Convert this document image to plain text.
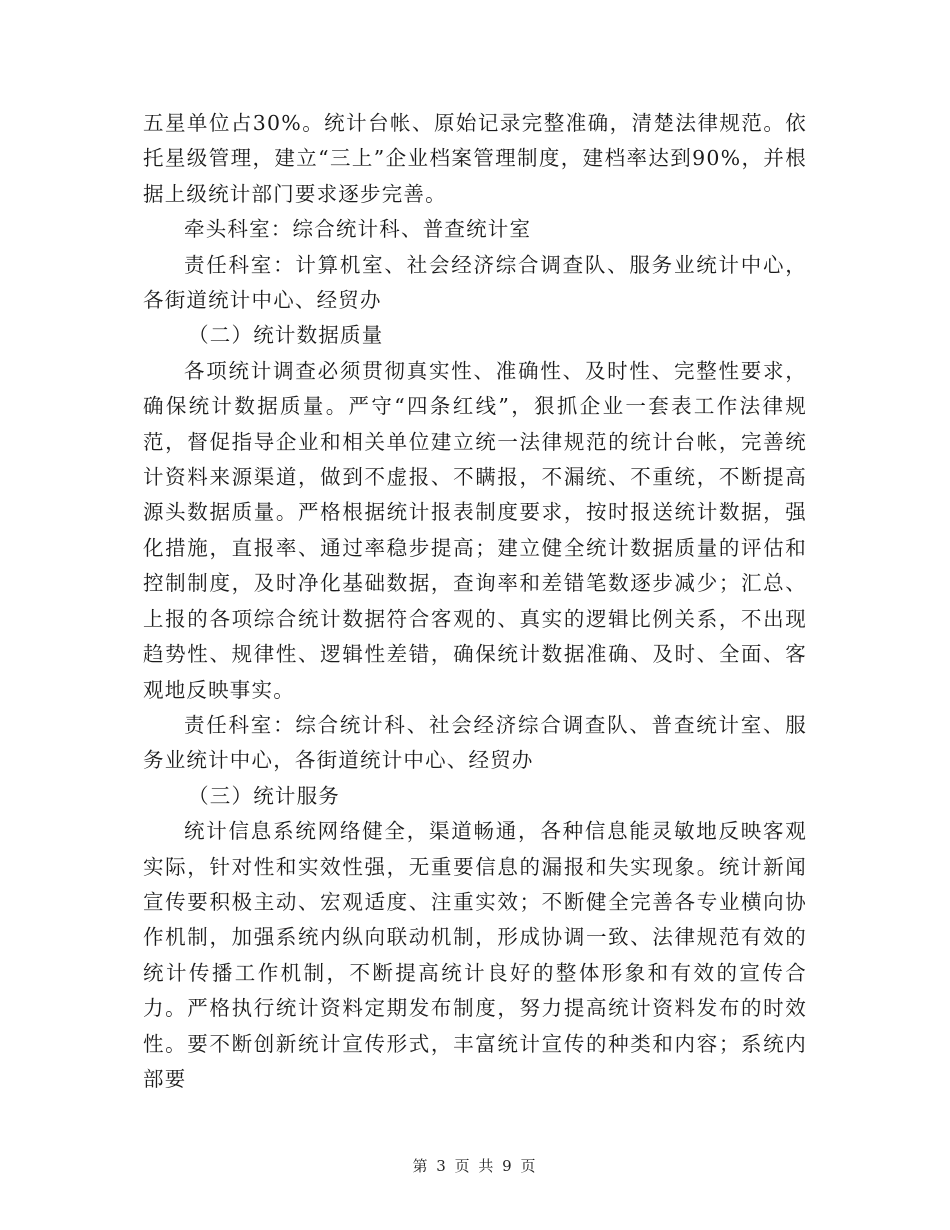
五星单位占30%。统计台帐、原始记录完整准确，清楚法律规范。依托星级管理，建立“三上”企业档案管理制度，建档率达到90%，并根据上级统计部门要求逐步完善。

牵头科室：综合统计科、普查统计室

责任科室：计算机室、社会经济综合调查队、服务业统计中心，各街道统计中心、经贸办

（二）统计数据质量

各项统计调查必须贯彻真实性、准确性、及时性、完整性要求，确保统计数据质量。严守“四条红线”，狠抓企业一套表工作法律规范，督促指导企业和相关单位建立统一法律规范的统计台帐，完善统计资料来源渠道，做到不虚报、不瞒报，不漏统、不重统，不断提高源头数据质量。严格根据统计报表制度要求，按时报送统计数据，强化措施，直报率、通过率稳步提高；建立健全统计数据质量的评估和控制制度，及时净化基础数据，查询率和差错笔数逐步减少；汇总、上报的各项综合统计数据符合客观的、真实的逻辑比例关系，不出现趋势性、规律性、逻辑性差错，确保统计数据准确、及时、全面、客观地反映事实。

责任科室：综合统计科、社会经济综合调查队、普查统计室、服务业统计中心，各街道统计中心、经贸办

（三）统计服务

统计信息系统网络健全，渠道畅通，各种信息能灵敏地反映客观实际，针对性和实效性强，无重要信息的漏报和失实现象。统计新闻宣传要积极主动、宏观适度、注重实效；不断健全完善各专业横向协作机制，加强系统内纵向联动机制，形成协调一致、法律规范有效的统计传播工作机制，不断提高统计良好的整体形象和有效的宣传合力。严格执行统计资料定期发布制度，努力提高统计资料发布的时效性。要不断创新统计宣传形式，丰富统计宣传的种类和内容；系统内部要

第 3 页 共 9 页
